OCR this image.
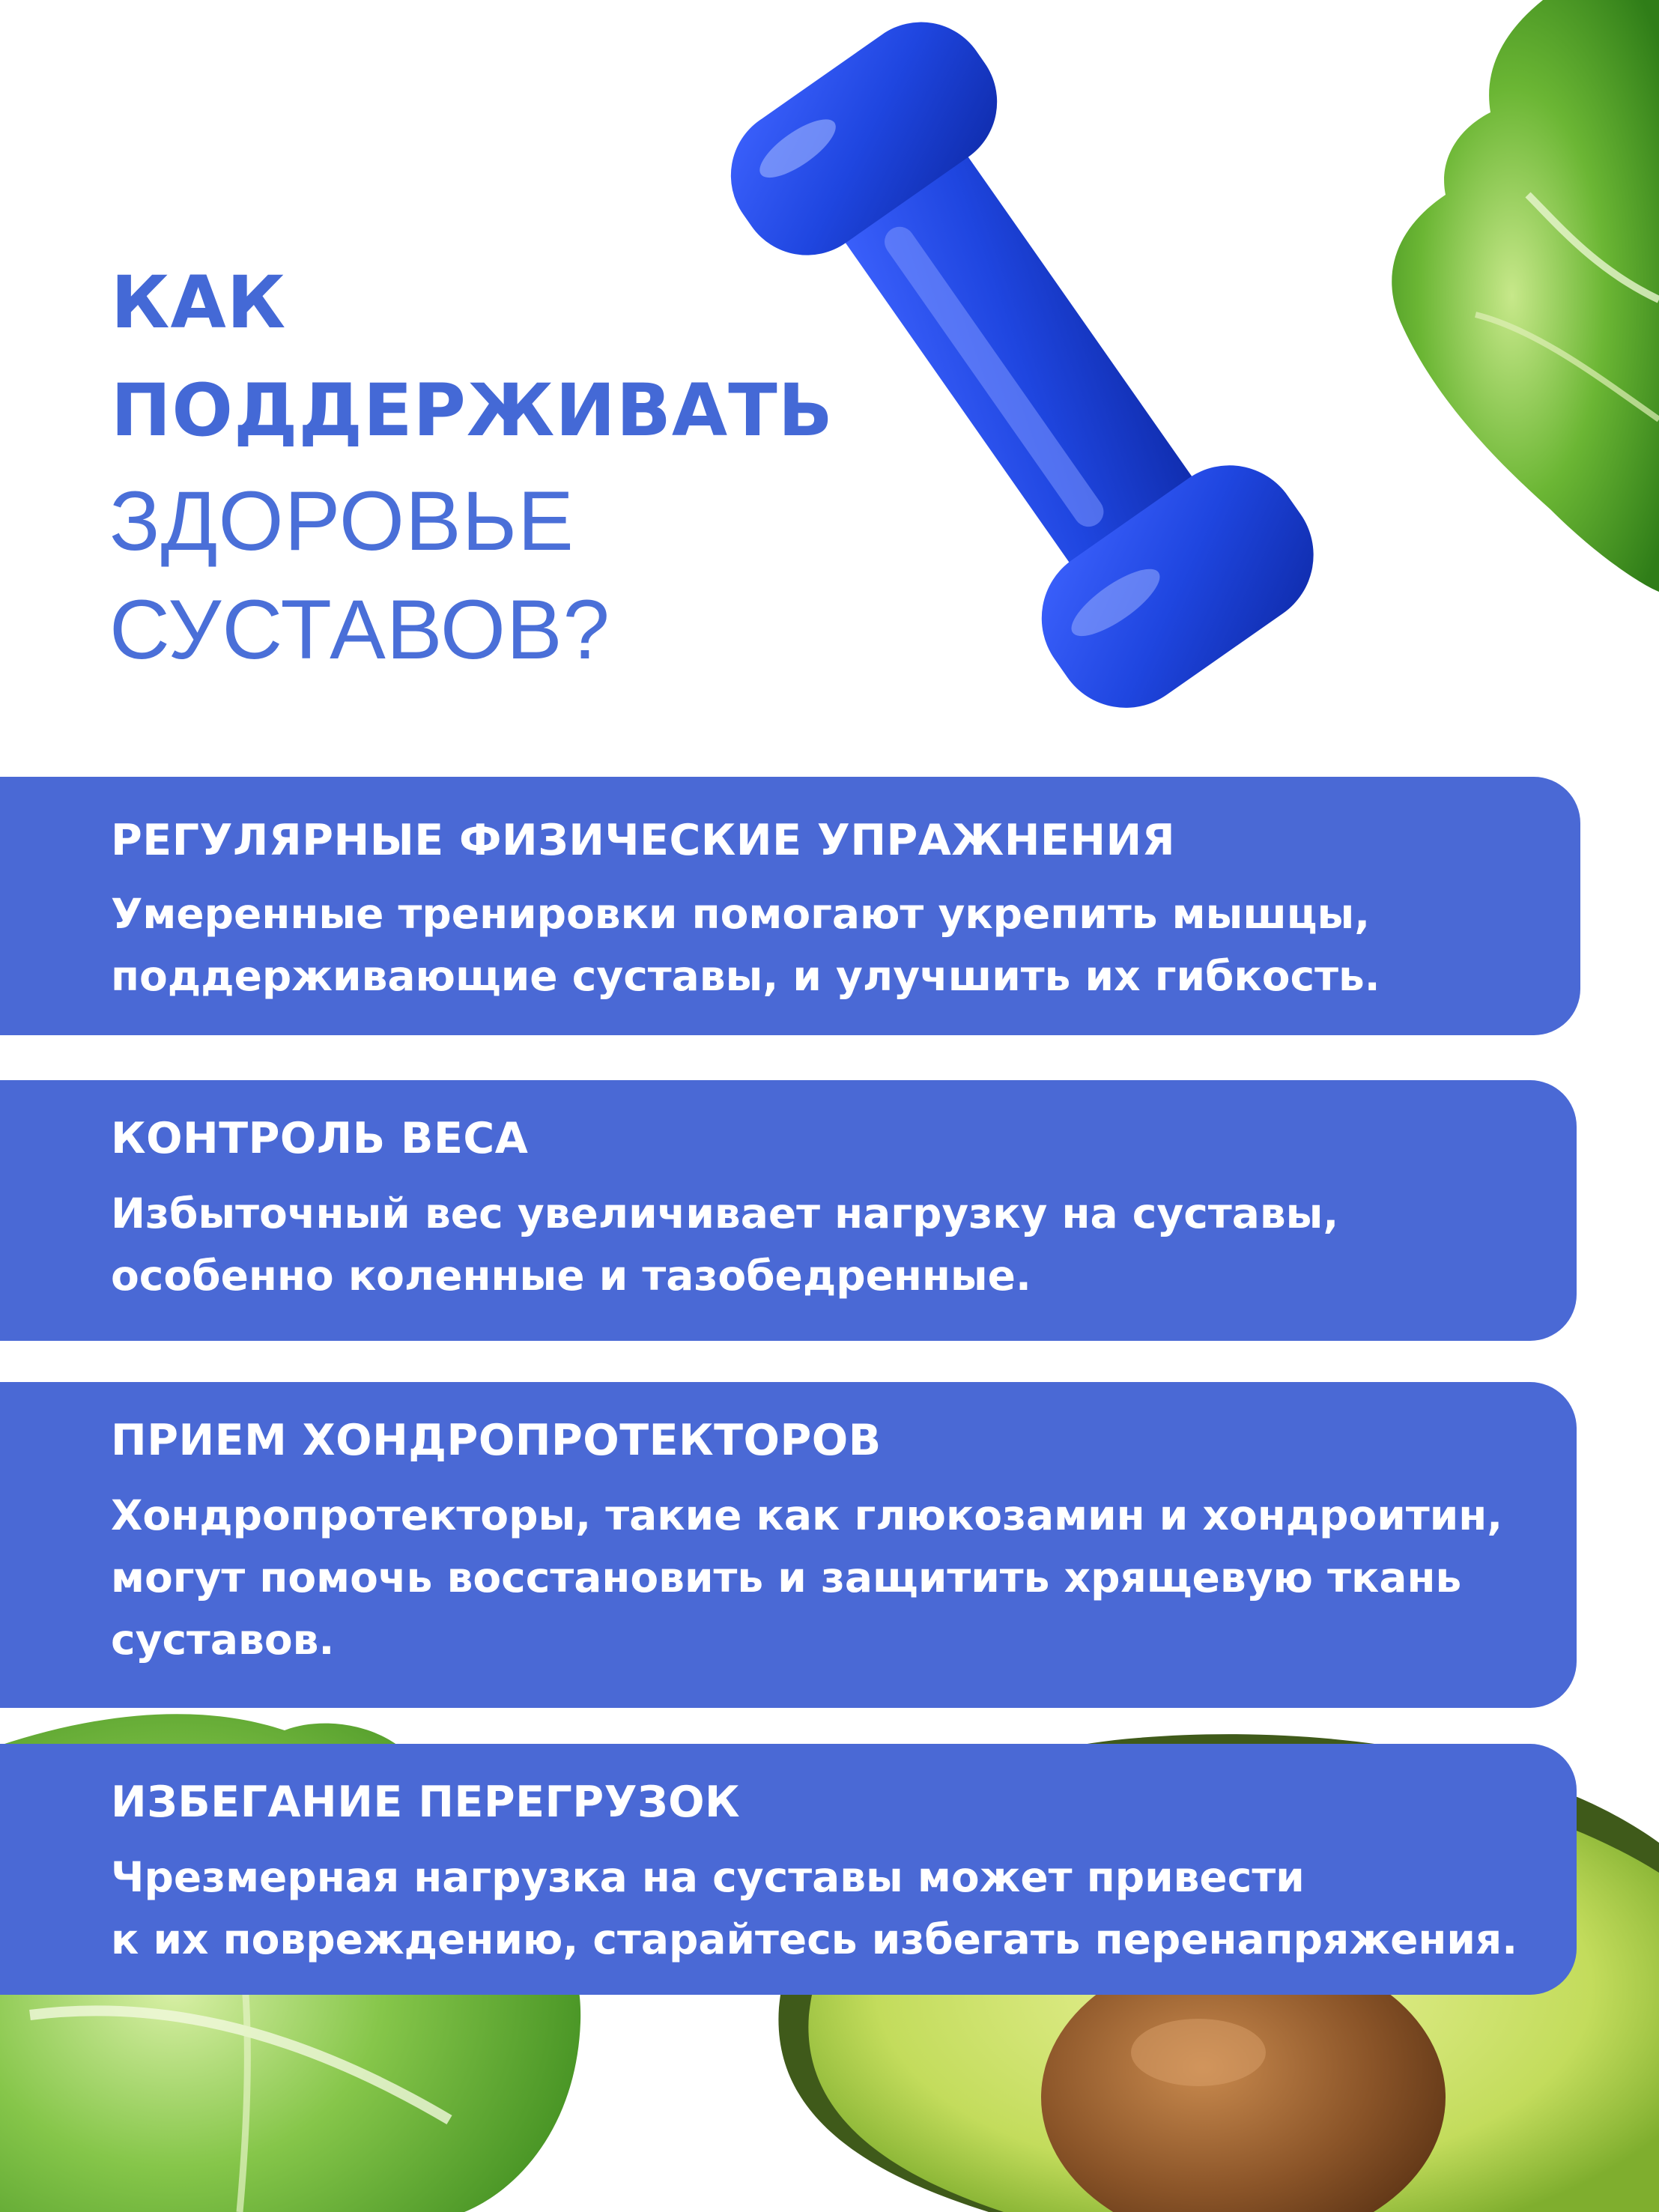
КАК
ПОДДЕРЖИВАТЬ
ЗДОРОВЬЕ
СУСТАВОВ?
РЕГУЛЯРНЫЕ ФИЗИЧЕСКИЕ УПРАЖНЕНИЯ
Умеренные тренировки помогают укрепить мышцы,
поддерживающие суставы, и улучшить их гибкость.
КОНТРОЛЬ ВЕСА
Избыточный вес увеличивает нагрузку на суставы,
особенно коленные и тазобедренные.
ПРИЕМ ХОНДРОПРОТЕКТОРОВ
Хондропротекторы, такие как глюкозамин и хондроитин,
могут помочь восстановить и защитить хрящевую ткань
суставов.
ИЗБЕГАНИЕ ПЕРЕГРУЗОК
Чрезмерная нагрузка на суставы может привести
к их повреждению, старайтесь избегать перенапряжения.
